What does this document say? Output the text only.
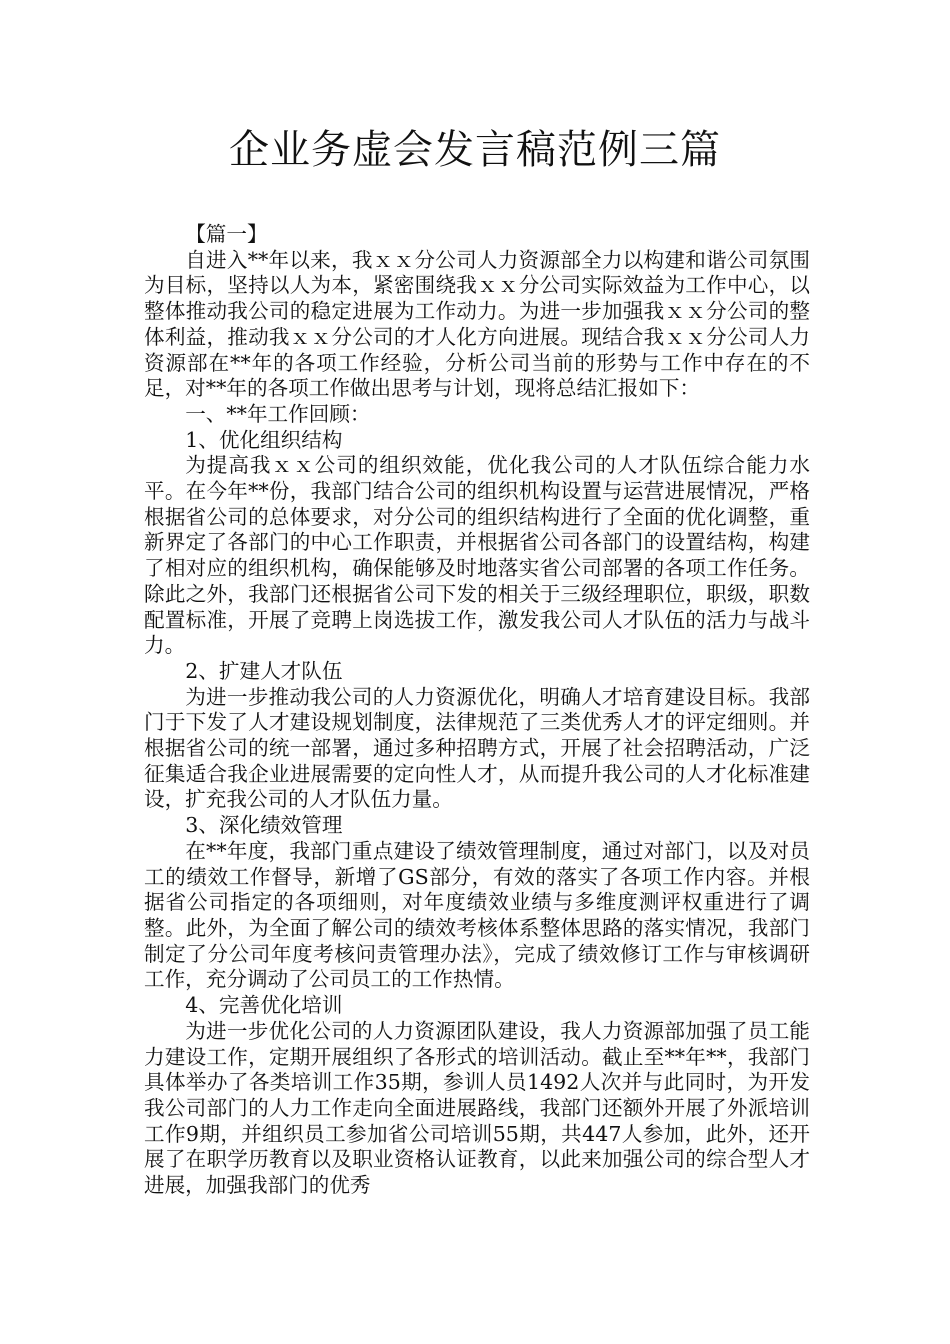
企业务虚会发言稿范例三篇

【篇一】

自进入**年以来，我ｘｘ分公司人力资源部全力以构建和谐公司氛围为目标，坚持以人为本，紧密围绕我ｘｘ分公司实际效益为工作中心，以整体推动我公司的稳定进展为工作动力。为进一步加强我ｘｘ分公司的整体利益，推动我ｘｘ分公司的才人化方向进展。现结合我ｘｘ分公司人力资源部在**年的各项工作经验，分析公司当前的形势与工作中存在的不足，对**年的各项工作做出思考与计划，现将总结汇报如下：

一、**年工作回顾：

1、优化组织结构

为提高我ｘｘ公司的组织效能，优化我公司的人才队伍综合能力水平。在今年**份，我部门结合公司的组织机构设置与运营进展情况，严格根据省公司的总体要求，对分公司的组织结构进行了全面的优化调整，重新界定了各部门的中心工作职责，并根据省公司各部门的设置结构，构建了相对应的组织机构，确保能够及时地落实省公司部署的各项工作任务。除此之外，我部门还根据省公司下发的相关于三级经理职位，职级，职数配置标准，开展了竞聘上岗选拔工作，激发我公司人才队伍的活力与战斗力。

2、扩建人才队伍

为进一步推动我公司的人力资源优化，明确人才培育建设目标。我部门于下发了人才建设规划制度，法律规范了三类优秀人才的评定细则。并根据省公司的统一部署，通过多种招聘方式，开展了社会招聘活动，广泛征集适合我企业进展需要的定向性人才，从而提升我公司的人才化标准建设，扩充我公司的人才队伍力量。

3、深化绩效管理

在**年度，我部门重点建设了绩效管理制度，通过对部门，以及对员工的绩效工作督导，新增了GS部分，有效的落实了各项工作内容。并根据省公司指定的各项细则，对年度绩效业绩与多维度测评权重进行了调整。此外，为全面了解公司的绩效考核体系整体思路的落实情况，我部门制定了分公司年度考核问责管理办法》，完成了绩效修订工作与审核调研工作，充分调动了公司员工的工作热情。

4、完善优化培训

为进一步优化公司的人力资源团队建设，我人力资源部加强了员工能力建设工作，定期开展组织了各形式的培训活动。截止至**年**，我部门具体举办了各类培训工作35期，参训人员1492人次并与此同时，为开发我公司部门的人力工作走向全面进展路线，我部门还额外开展了外派培训工作9期，并组织员工参加省公司培训55期，共447人参加，此外，还开展了在职学历教育以及职业资格认证教育，以此来加强公司的综合型人才进展，加强我部门的优秀
